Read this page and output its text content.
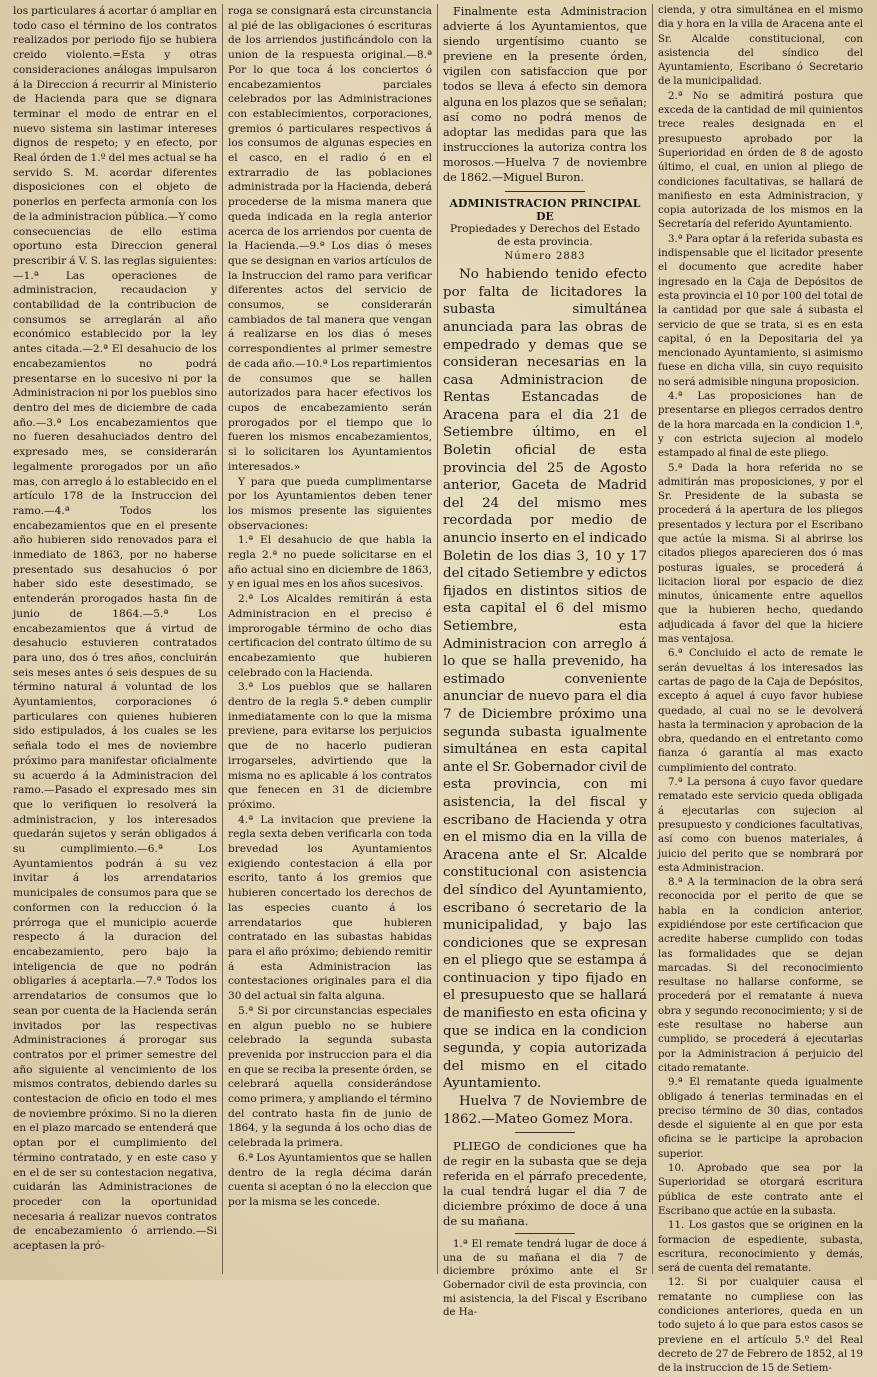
los particulares á acortar ó ampliar en todo caso el término de los contratos realizados por periodo fijo se hubiera creido violento.=Esta y otras consideraciones análogas impulsaron á la Direccion á recurrir al Ministerio de Hacienda para que se dignara terminar el modo de entrar en el nuevo sistema sin lastimar intereses dignos de respeto; y en efecto, por Real órden de 1.º del mes actual se ha servido S. M. acordar diferentes disposiciones con el objeto de ponerlos en perfecta armonía con los de la administracion pública.—Y como consecuencias de ello estima oportuno esta Direccion general prescribir á V. S. las reglas siguientes:—1.ª Las operaciones de administracion, recaudacion y contabilidad de la contribucion de consumos se arreglarán al año económico establecido por la ley antes citada.—2.ª El desahucio de los encabezamientos no podrá presentarse en lo sucesivo ni por la Administracion ni por los pueblos sino dentro del mes de diciembre de cada año.—3.ª Los encabezamientos que no fueren desahuciados dentro del expresado mes, se considerarán legalmente prorogados por un año mas, con arreglo á lo establecido en el artículo 178 de la Instruccion del ramo.—4.ª Todos los encabezamientos que en el presente año hubieren sido renovados para el inmediato de 1863, por no haberse presentado sus desahucios ó por haber sido este desestimado, se entenderán prorogados hasta fin de junio de 1864.—5.ª Los encabezamientos que á virtud de desahucio estuvieren contratados para uno, dos ó tres años, concluirán seis meses antes ó seis despues de su término natural á voluntad de los Ayuntamientos, corporaciones ó particulares con quienes hubieren sido estipulados, á los cuales se les señala todo el mes de noviembre próximo para manifestar oficialmente su acuerdo á la Administracion del ramo.—Pasado el expresado mes sin que lo verifiquen lo resolverá la administracion, y los interesados quedarán sujetos y serán obligados á su cumplimiento.—6.ª Los Ayuntamientos podrán á su vez invitar á los arrendatarios municipales de consumos para que se conformen con la reduccion ó la prórroga que el municipio acuerde respecto á la duracion del encabezamiento, pero bajo la inteligencia de que no podrán obligarles á aceptarla.—7.ª Todos los arrendatarios de consumos que lo sean por cuenta de la Hacienda serán invitados por las respectivas Administraciones á prorogar sus contratos por el primer semestre del año siguiente al vencimiento de los mismos contratos, debiendo darles su contestacion de oficio en todo el mes de noviembre próximo. Si no la dieren en el plazo marcado se entenderá que optan por el cumplimiento del término contratado, y en este caso y en el de ser su contestacion negativa, cuidarán las Administraciones de proceder con la oportunidad necesaria á realizar nuevos contratos de encabezamiento ó arriendo.—Si aceptasen la pró-

roga se consignará esta circunstancia al pié de las obligaciones ó escrituras de los arriendos justificándolo con la union de la respuesta original.—8.ª Por lo que toca á los conciertos ó encabezamientos parciales celebrados por las Administraciones con establecimientos, corporaciones, gremios ó particulares respectivos á los consumos de algunas especies en el casco, en el radio ó en el extrarradio de las poblaciones administrada por la Hacienda, deberá procederse de la misma manera que queda indicada en la regla anterior acerca de los arriendos por cuenta de la Hacienda.—9.ª Los dias ó meses que se designan en varios artículos de la Instruccion del ramo para verificar diferentes actos del servicio de consumos, se considerarán cambiados de tal manera que vengan á realizarse en los dias ó meses correspondientes al primer semestre de cada año.—10.ª Los repartimientos de consumos que se hallen autorizados para hacer efectivos los cupos de encabezamiento serán prorogados por el tiempo que lo fueren los mismos encabezamientos, si lo solicitaren los Ayuntamientos interesados.»

Y para que pueda cumplimentarse por los Ayuntamientos deben tener los mismos presente las siguientes observaciones:

1.ª El desahucio de que habla la regla 2.ª no puede solicitarse en el año actual sino en diciembre de 1863, y en igual mes en los años sucesivos.

2.ª Los Alcaldes remitirán á esta Administracion en el preciso é improrogable término de ocho dias certificacion del contrato último de su encabezamiento que hubieren celebrado con la Hacienda.

3.ª Los pueblos que se hallaren dentro de la regla 5.ª deben cumplir inmediatamente con lo que la misma previene, para evitarse los perjuicios que de no hacerlo pudieran irrogarseles, advirtiendo que la misma no es aplicable á los contratos que fenecen en 31 de diciembre próximo.

4.ª La invitacion que previene la regla sexta deben verificarla con toda brevedad los Ayuntamientos exigiendo contestacion á ella por escrito, tanto á los gremios que hubieren concertado los derechos de las especies cuanto á los arrendatarios que hubieren contratado en las subastas habidas para el año próximo; debiendo remitir á esta Administracion las contestaciones originales para el dia 30 del actual sin falta alguna.

5.ª Si por circunstancias especiales en algun pueblo no se hubiere celebrado la segunda subasta prevenida por instruccion para el dia en que se reciba la presente órden, se celebrará aquella considerándose como primera, y ampliando el término del contrato hasta fin de junio de 1864, y la segunda á los ocho dias de celebrada la primera.

6.ª Los Ayuntamientos que se hallen dentro de la regla décima darán cuenta si aceptan ó no la eleccion que por la misma se les concede.

Finalmente esta Administracion advierte á los Ayuntamientos, que siendo urgentísimo cuanto se previene en la presente órden, vigilen con satisfaccion que por todos se lleva á efecto sin demora alguna en los plazos que se señalan; así como no podrá menos de adoptar las medidas para que las instrucciones la autoriza contra los morosos.—Huelva 7 de noviembre de 1862.—Miguel Buron.

ADMINISTRACION PRINCIPAL DE
Propiedades y Derechos del Estado
de esta provincia.
Número 2883

No habiendo tenido efecto por falta de licitadores la subasta simultánea anunciada para las obras de empedrado y demas que se consideran necesarias en la casa Administracion de Rentas Estancadas de Aracena para el dia 21 de Setiembre último, en el Boletin oficial de esta provincia del 25 de Agosto anterior, Gaceta de Madrid del 24 del mismo mes recordada por medio de anuncio inserto en el indicado Boletin de los dias 3, 10 y 17 del citado Setiembre y edictos fijados en distintos sitios de esta capital el 6 del mismo Setiembre, esta Administracion con arreglo á lo que se halla prevenido, ha estimado conveniente anunciar de nuevo para el dia 7 de Diciembre próximo una segunda subasta igualmente simultánea en esta capital ante el Sr. Gobernador civil de esta provincia, con mi asistencia, la del fiscal y escribano de Hacienda y otra en el mismo dia en la villa de Aracena ante el Sr. Alcalde constitucional con asistencia del síndico del Ayuntamiento, escribano ó secretario de la municipalidad, y bajo las condiciones que se expresan en el pliego que se estampa á continuacion y tipo fijado en el presupuesto que se hallará de manifiesto en esta oficina y que se indica en la condicion segunda, y copia autorizada del mismo en el citado Ayuntamiento.

Huelva 7 de Noviembre de 1862.—Mateo Gomez Mora.

PLIEGO de condiciones que ha de regir en la subasta que se deja referida en el párrafo precedente, la cual tendrá lugar el dia 7 de diciembre próximo de doce á una de su mañana.

1.ª El remate tendrá lugar de doce á una de su mañana el dia 7 de diciembre próximo ante el Sr Gobernador civil de esta provincia, con mi asistencia, la del Fiscal y Escribano de Ha-

cienda, y otra simultánea en el mismo dia y hora en la villa de Aracena ante el Sr. Alcalde constitucional, con asistencia del síndico del Ayuntamiento, Escribano ó Secretario de la municipalidad.

2.ª No se admitirá postura que exceda de la cantidad de mil quinientos trece reales designada en el presupuesto aprobado por la Superioridad en órden de 8 de agosto último, el cual, en union al pliego de condiciones facultativas, se hallará de manifiesto en esta Administracion, y copia autorizada de los mismos en la Secretaría del referido Ayuntamiento.

3.ª Para optar á la referida subasta es indispensable que el licitador presente el documento que acredite haber ingresado en la Caja de Depósitos de esta provincia el 10 por 100 del total de la cantidad por que sale á subasta el servicio de que se trata, si es en esta capital, ó en la Depositaria del ya mencionado Ayuntamiento, si asimismo fuese en dicha villa, sin cuyo requisito no será admisible ninguna proposicion.

4.ª Las proposiciones han de presentarse en pliegos cerrados dentro de la hora marcada en la condicion 1.ª, y con estricta sujecion al modelo estampado al final de este pliego.

5.ª Dada la hora referida no se admitirán mas proposiciones, y por el Sr. Presidente de la subasta se procederá á la apertura de los pliegos presentados y lectura por el Escribano que actúe la misma. Si al abrirse los citados pliegos aparecieren dos ó mas posturas iguales, se procederá á licitacion lioral por espacio de diez minutos, únicamente entre aquellos que la hubieren hecho, quedando adjudicada á favor del que la hiciere mas ventajosa.

6.ª Concluido el acto de remate le serán devueltas á los interesados las cartas de pago de la Caja de Depósitos, excepto á aquel á cuyo favor hubiese quedado, al cual no se le devolverá hasta la terminacion y aprobacion de la obra, quedando en el entretanto como fianza ó garantía al mas exacto cumplimiento del contrato.

7.ª La persona á cuyo favor quedare rematado este servicio queda obligada á ejecutarlas con sujecion al presupuesto y condiciones facultativas, así como con buenos materiales, á juicio del perito que se nombrará por esta Administracion.

8.ª A la terminacion de la obra será reconocida por el perito de que se habla en la condicion anterior, expidiéndose por este certificacion que acredite haberse cumplido con todas las formalidades que se dejan marcadas. Si del reconocimiento resultase no hallarse conforme, se procederá por el rematante á nueva obra y segundo reconocimiento; y si de este resultase no haberse aun cumplido, se procederá á ejecutarlas por la Administracion á perjuicio del citado rematante.

9.ª El rematante queda igualmente obligado á tenerlas terminadas en el preciso término de 30 dias, contados desde el siguiente al en que por esta oficina se le participe la aprobacion superior.

10. Aprobado que sea por la Superioridad se otorgará escritura pública de este contrato ante el Escribano que actúe en la subasta.

11. Los gastos que se originen en la formacion de espediente, subasta, escritura, reconocimiento y demás, será de cuenta del rematante.

12. Si por cualquier causa el rematante no cumpliese con las condiciones anteriores, queda en un todo sujeto á lo que para estos casos se previene en el artículo 5.º del Real decreto de 27 de Febrero de 1852, al 19 de la instruccion de 15 de Setiem-
